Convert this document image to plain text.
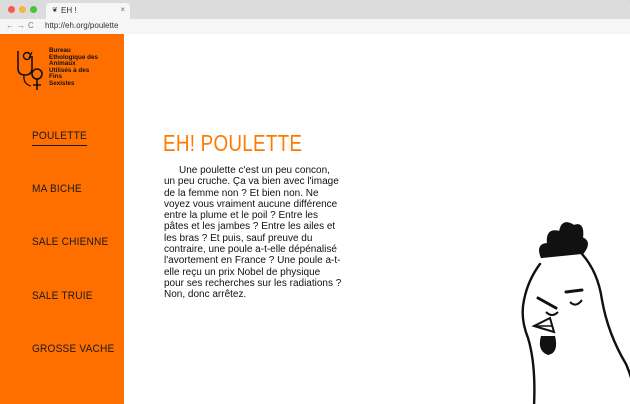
❦ EH !	×
← → C http://eh.org/poulette
Bureau
Ethologique des
Animaux
Utilisés à des
Fins
Sexistes
POULETTE
MA BICHE
SALE CHIENNE
SALE TRUIE
GROSSE VACHE
EH! POULETTE

Une poulette c'est un peu concon, un peu cruche. Ça va bien avec l'image de la femme non ? Et bien non. Ne voyez vous vraiment aucune différence entre la plume et le poil ? Entre les pâtes et les jambes ? Entre les ailes et les bras ? Et puis, sauf preuve du contraire, une poule a-t-elle dépénalisé l'avortement en France ? Une poule a-t-elle reçu un prix Nobel de physique pour ses recherches sur les radiations ? Non, donc arrêtez.
